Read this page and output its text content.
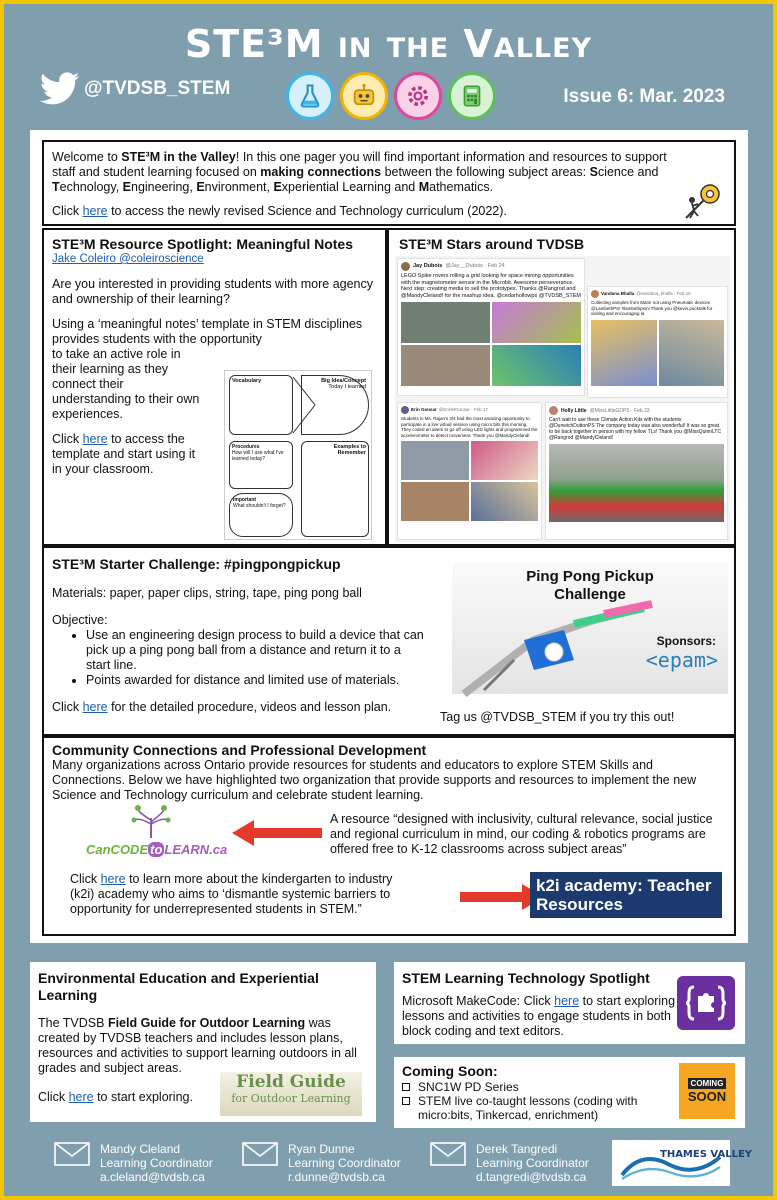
STE³M in the Valley
@TVDSB_STEM	Issue 6: Mar. 2023
Welcome to STE³M in the Valley! In this one pager you will find important information and resources to support staff and student learning focused on making connections between the following subject areas: Science and Technology, Engineering, Environment, Experiential Learning and Mathematics.
Click here to access the newly revised Science and Technology curriculum (2022).
STE³M Resource Spotlight: Meaningful Notes
Jake Coleiro @coleiroscience
Are you interested in providing students with more agency and ownership of their learning?
Using a ‘meaningful notes’ template in STEM disciplines provides students with the opportunity
to take an active role in their learning as they connect their understanding to their own experiences.
Click here to access the template and start using it in your classroom.
Vocabulary	Big Idea/Concept
Today I learned
Procedures
How will I use what I've learned today?
Examples to Remember
Important
What shouldn't I forget?
STE³M Stars around TVDSB
Jay Dubois @Jay__Dubois · Feb 24
LEGO Spike rovers rolling a grid looking for space mining opportunities with the magnetometer sensor in the Microbit. Awesome perseverance. Next step: creating media to sell the prototypes. Thanks @Rangrod and @MandyCleland! for the mashup idea. @cedarhollowps @TVDSB_STEM	Vandana Bhalla @vandana_bhalla · Feb 16
Collecting samples from Mars! not using Pneumatic devices @LambethPS! #lambethpsmi Thank you @kevin.pucktalk for visiting and encouraging la
Erin Gonsar @ErinMGonsar · Feb 17
Students in Ms. Rajan's 3/4 had the most amazing opportunity to participate in a live virtual session using micro:bits this morning. They coded an alarm to go off using LED lights and programmed the accelerometer to detect movement. Thank you @MandyCleland!
Holly Little @MissLittleGDPS · Feb 22
Can't wait to use these Climate Action Kits with the students @DunwichDuttonPS The company today was also wonderful! It was so great to be back together in person with my fellow TLs! Thank you @MissQuinnLTC @Rangrod @MandyCleland!
STE³M Starter Challenge: #pingpongpickup
Materials: paper, paper clips, string, tape, ping pong ball
Objective:
• Use an engineering design process to build a device that can pick up a ping pong ball from a distance and return it to a start line.
• Points awarded for distance and limited use of materials.
Click here for the detailed procedure, videos and lesson plan.
Ping Pong Pickup Challenge
Sponsors:
<epam>
Tag us @TVDSB_STEM if you try this out!
Community Connections and Professional Development
Many organizations across Ontario provide resources for students and educators to explore STEM Skills and Connections. Below we have highlighted two organization that provide supports and resources to implement the new Science and Technology curriculum and celebrate student learning.
CanCODE to LEARN.ca
A resource “designed with inclusivity, cultural relevance, social justice and regional curriculum in mind, our coding & robotics programs are offered free to K-12 classrooms across subject areas”
Click here to learn more about the kindergarten to industry (k2i) academy who aims to ‘dismantle systemic barriers to opportunity for underrepresented students in STEM.”
k2i academy: Teacher Resources
Environmental Education and Experiential Learning
The TVDSB Field Guide for Outdoor Learning was created by TVDSB teachers and includes lesson plans, resources and activities to support learning outdoors in all grades and subject areas.
Click here to start exploring.
Field Guide
for Outdoor Learning
STEM Learning Technology Spotlight
Microsoft MakeCode: Click here to start exploring lessons and activities to engage students in both block coding and text editors.
Coming Soon:
SNC1W PD Series
STEM live co-taught lessons (coding with micro:bits, Tinkercad, enrichment)
COMING
SOON
Mandy Cleland
Learning Coordinator
a.cleland@tvdsb.ca
Ryan Dunne
Learning Coordinator
r.dunne@tvdsb.ca
Derek Tangredi
Learning Coordinator
d.tangredi@tvdsb.ca
THAMES VALLEY
